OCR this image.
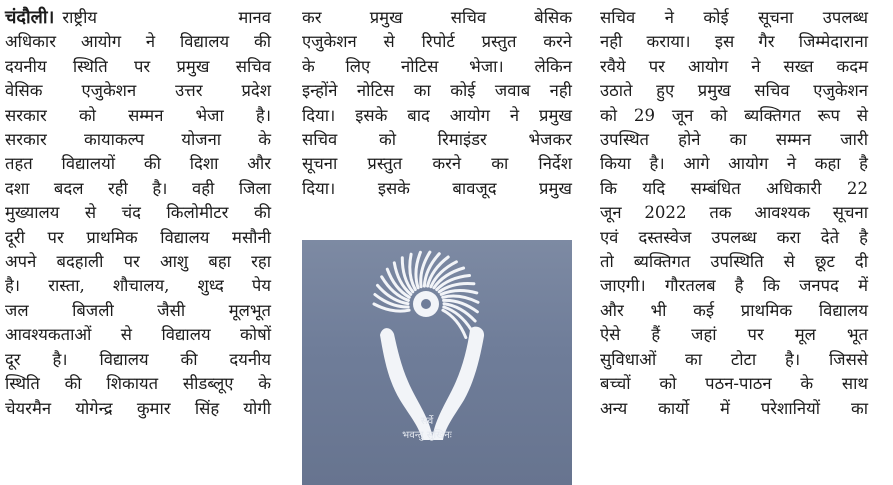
चंदौली। राष्ट्रीय मानव
अधिकार आयोग ने विद्यालय की
दयनीय स्थिति पर प्रमुख सचिव
वेसिक एजुकेशन उत्तर प्रदेश
सरकार को सम्मन भेजा है।
सरकार कायाकल्प योजना के
तहत विद्यालयों की दिशा और
दशा बदल रही है। वही जिला
मुख्यालय से चंद किलोमीटर की
दूरी पर प्राथमिक विद्यालय मसौनी
अपने बदहाली पर आशु बहा रहा
है। रास्ता, शौचालय, शुध्द पेय
जल बिजली जैसी मूलभूत
आवश्यकताओं से विद्यालय कोषों
दूर है। विद्यालय की दयनीय
स्थिति की शिकायत सीडब्लूए के
चेयरमैन योगेन्द्र कुमार सिंह योगी
कर प्रमुख सचिव बेसिक
एजुकेशन से रिपोर्ट प्रस्तुत करने
के लिए नोटिस भेजा। लेकिन
इन्होंने नोटिस का कोई जवाब नही
दिया। इसके बाद आयोग ने प्रमुख
सचिव को रिमाइंडर भेजकर
सूचना प्रस्तुत करने का निर्देश
दिया। इसके बावजूद प्रमुख
सर्वे
भवन्तु सुखिनः
सचिव ने कोई सूचना उपलब्ध
नही कराया। इस गैर जिम्मेदाराना
रवैये पर आयोग ने सख्त कदम
उठाते हुए प्रमुख सचिव एजुकेशन
को 29 जून को ब्यक्तिगत रूप से
उपस्थित होने का सम्मन जारी
किया है। आगे आयोग ने कहा है
कि यदि सम्बंधित अधिकारी 22
जून 2022 तक आवश्यक सूचना
एवं दस्तस्वेज उपलब्ध करा देते है
तो ब्यक्तिगत उपस्थिति से छूट दी
जाएगी। गौरतलब है कि जनपद में
और भी कई प्राथमिक विद्यालय
ऐसे हैं जहां पर मूल भूत
सुविधाओं का टोटा है। जिससे
बच्चों को पठन-पाठन के साथ
अन्य कार्यो में परेशानियों का
